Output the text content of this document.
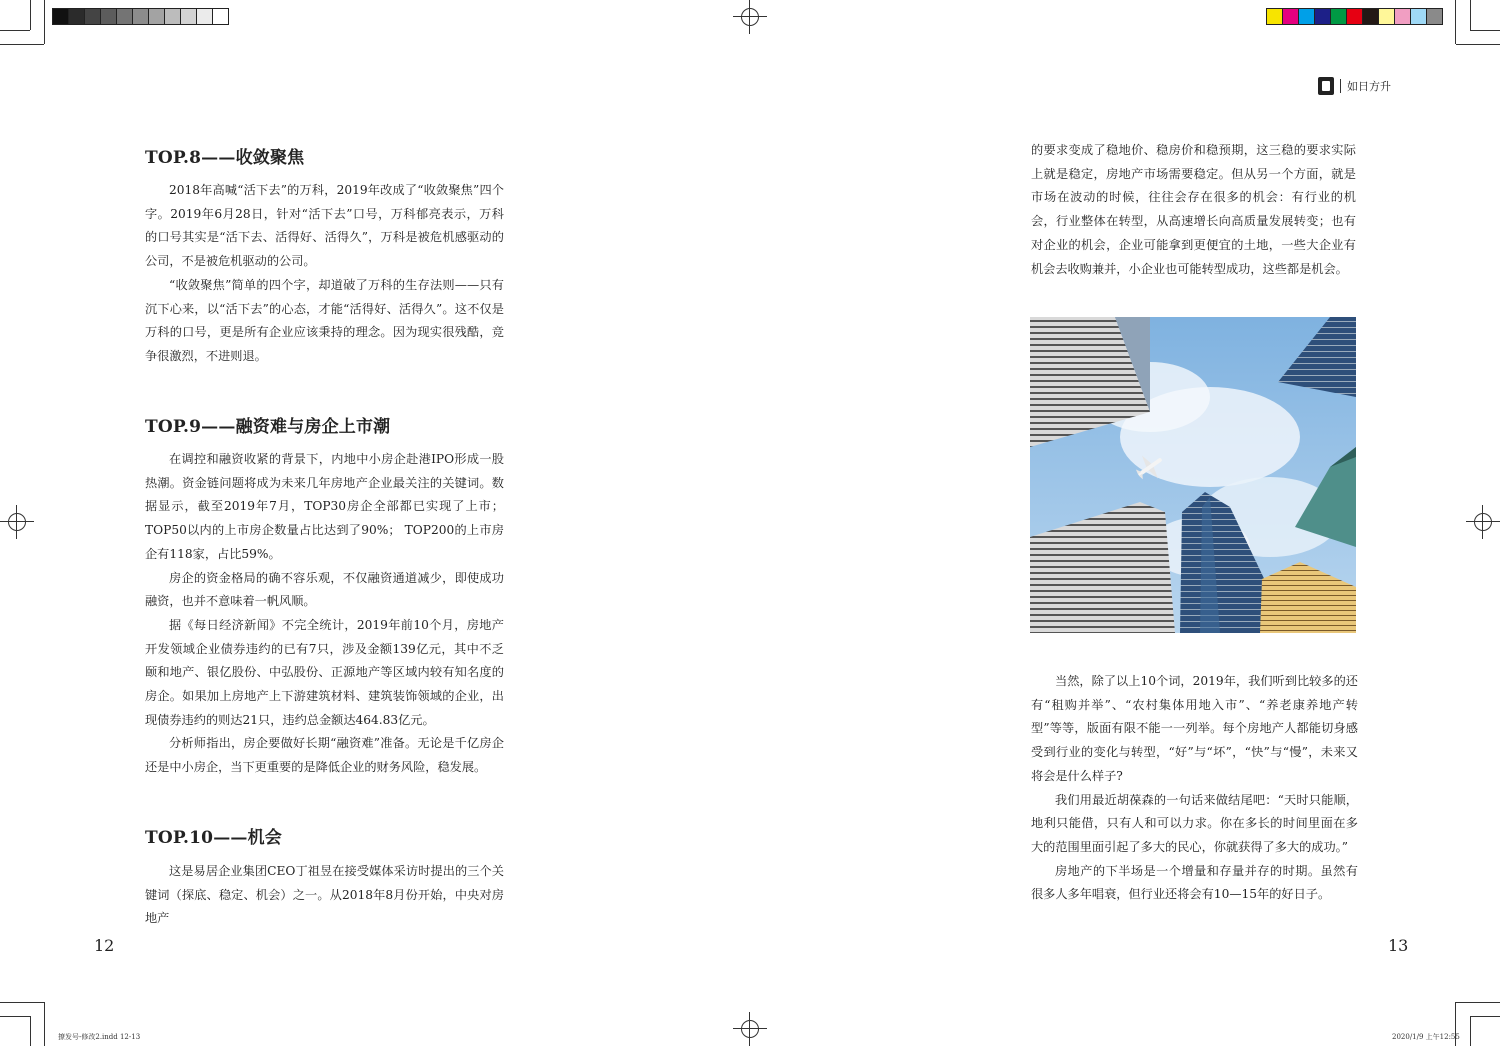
如日方升
TOP.8——收敛聚焦

2018年高喊“活下去”的万科，2019年改成了“收敛聚焦”四个字。2019年6月28日，针对“活下去”口号，万科郁亮表示，万科的口号其实是“活下去、活得好、活得久”，万科是被危机感驱动的公司，不是被危机驱动的公司。

“收敛聚焦”简单的四个字，却道破了万科的生存法则——只有沉下心来，以“活下去”的心态，才能“活得好、活得久”。这不仅是万科的口号，更是所有企业应该秉持的理念。因为现实很残酷，竞争很激烈，不进则退。

TOP.9——融资难与房企上市潮

在调控和融资收紧的背景下，内地中小房企赴港IPO形成一股热潮。资金链问题将成为未来几年房地产企业最关注的关键词。数据显示，截至2019年7月，TOP30房企全部都已实现了上市；TOP50以内的上市房企数量占比达到了90%； TOP200的上市房企有118家，占比59%。

房企的资金格局的确不容乐观，不仅融资通道减少，即使成功融资，也并不意味着一帆风顺。

据《每日经济新闻》不完全统计，2019年前10个月，房地产开发领域企业债券违约的已有7只，涉及金额139亿元，其中不乏颐和地产、银亿股份、中弘股份、正源地产等区域内较有知名度的房企。如果加上房地产上下游建筑材料、建筑装饰领域的企业，出现债券违约的则达21只，违约总金额达464.83亿元。

分析师指出，房企要做好长期“融资难”准备。无论是千亿房企还是中小房企，当下更重要的是降低企业的财务风险，稳发展。

TOP.10——机会

这是易居企业集团CEO丁祖昱在接受媒体采访时提出的三个关键词（探底、稳定、机会）之一。从2018年8月份开始，中央对房地产

12
撩发号-修改2.indd 12-13

的要求变成了稳地价、稳房价和稳预期，这三稳的要求实际上就是稳定，房地产市场需要稳定。但从另一个方面，就是市场在波动的时候，往往会存在很多的机会：有行业的机会，行业整体在转型，从高速增长向高质量发展转变；也有对企业的机会，企业可能拿到更便宜的土地，一些大企业有机会去收购兼并，小企业也可能转型成功，这些都是机会。

当然，除了以上10个词，2019年，我们听到比较多的还有“租购并举”、“农村集体用地入市”、“养老康养地产转型”等等，版面有限不能一一列举。每个房地产人都能切身感受到行业的变化与转型，“好”与“坏”，“快”与“慢”，未来又将会是什么样子?

我们用最近胡葆森的一句话来做结尾吧：“天时只能顺，地利只能借，只有人和可以力求。你在多长的时间里面在多大的范围里面引起了多大的民心，你就获得了多大的成功。”

房地产的下半场是一个增量和存量并存的时期。虽然有很多人多年唱衰，但行业还将会有10—15年的好日子。

13
2020/1/9 上午12:55
